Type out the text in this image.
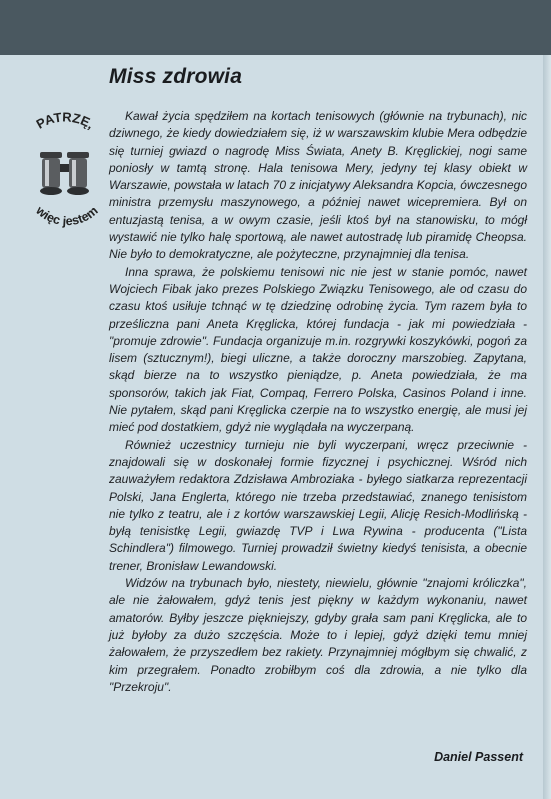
PATRZĘ,
więc jestem
Miss zdrowia

Kawał życia spędziłem na kortach tenisowych (głównie na trybunach), nic dziwnego, że kiedy dowiedziałem się, iż w warszawskim klubie Mera odbędzie się turniej gwiazd o nagrodę Miss Świata, Anety B. Kręglickiej, nogi same poniosły w tamtą stronę. Hala tenisowa Mery, jedyny tej klasy obiekt w Warszawie, powstała w latach 70 z inicjatywy Aleksandra Kopcia, ówczesnego ministra przemysłu maszynowego, a później nawet wicepremiera. Był on entuzjastą tenisa, a w owym czasie, jeśli ktoś był na stanowisku, to mógł wystawić nie tylko halę sportową, ale nawet autostradę lub piramidę Cheopsa. Nie było to demokratyczne, ale pożyteczne, przynajmniej dla tenisa.

Inna sprawa, że polskiemu tenisowi nic nie jest w stanie pomóc, nawet Wojciech Fibak jako prezes Polskiego Związku Tenisowego, ale od czasu do czasu ktoś usiłuje tchnąć w tę dziedzinę odrobinę życia. Tym razem była to prześliczna pani Aneta Kręglicka, której fundacja - jak mi powiedziała - "promuje zdrowie". Fundacja organizuje m.in. rozgrywki koszykówki, pogoń za lisem (sztucznym!), biegi uliczne, a także doroczny marszobieg. Zapytana, skąd bierze na to wszystko pieniądze, p. Aneta powiedziała, że ma sponsorów, takich jak Fiat, Compaq, Ferrero Polska, Casinos Poland i inne. Nie pytałem, skąd pani Kręglicka czerpie na to wszystko energię, ale musi jej mieć pod dostatkiem, gdyż nie wyglądała na wyczerpaną.

Również uczestnicy turnieju nie byli wyczerpani, wręcz przeciwnie - znajdowali się w doskonałej formie fizycznej i psychicznej. Wśród nich zauważyłem redaktora Zdzisława Ambroziaka - byłego siatkarza reprezentacji Polski, Jana Englerta, którego nie trzeba przedstawiać, znanego tenisistom nie tylko z teatru, ale i z kortów warszawskiej Legii, Alicję Resich-Modlińską - byłą tenisistkę Legii, gwiazdę TVP i Lwa Rywina - producenta ("Lista Schindlera") filmowego. Turniej prowadził świetny kiedyś tenisista, a obecnie trener, Bronisław Lewandowski.

Widzów na trybunach było, niestety, niewielu, głównie "znajomi króliczka", ale nie żałowałem, gdyż tenis jest piękny w każdym wykonaniu, nawet amatorów. Byłby jeszcze piękniejszy, gdyby grała sam pani Kręglicka, ale to już byłoby za dużo szczęścia. Może to i lepiej, gdyż dzięki temu mniej żałowałem, że przyszedłem bez rakiety. Przynajmniej mógłbym się chwalić, z kim przegrałem. Ponadto zrobiłbym coś dla zdrowia, a nie tylko dla "Przekroju".

Daniel Passent
